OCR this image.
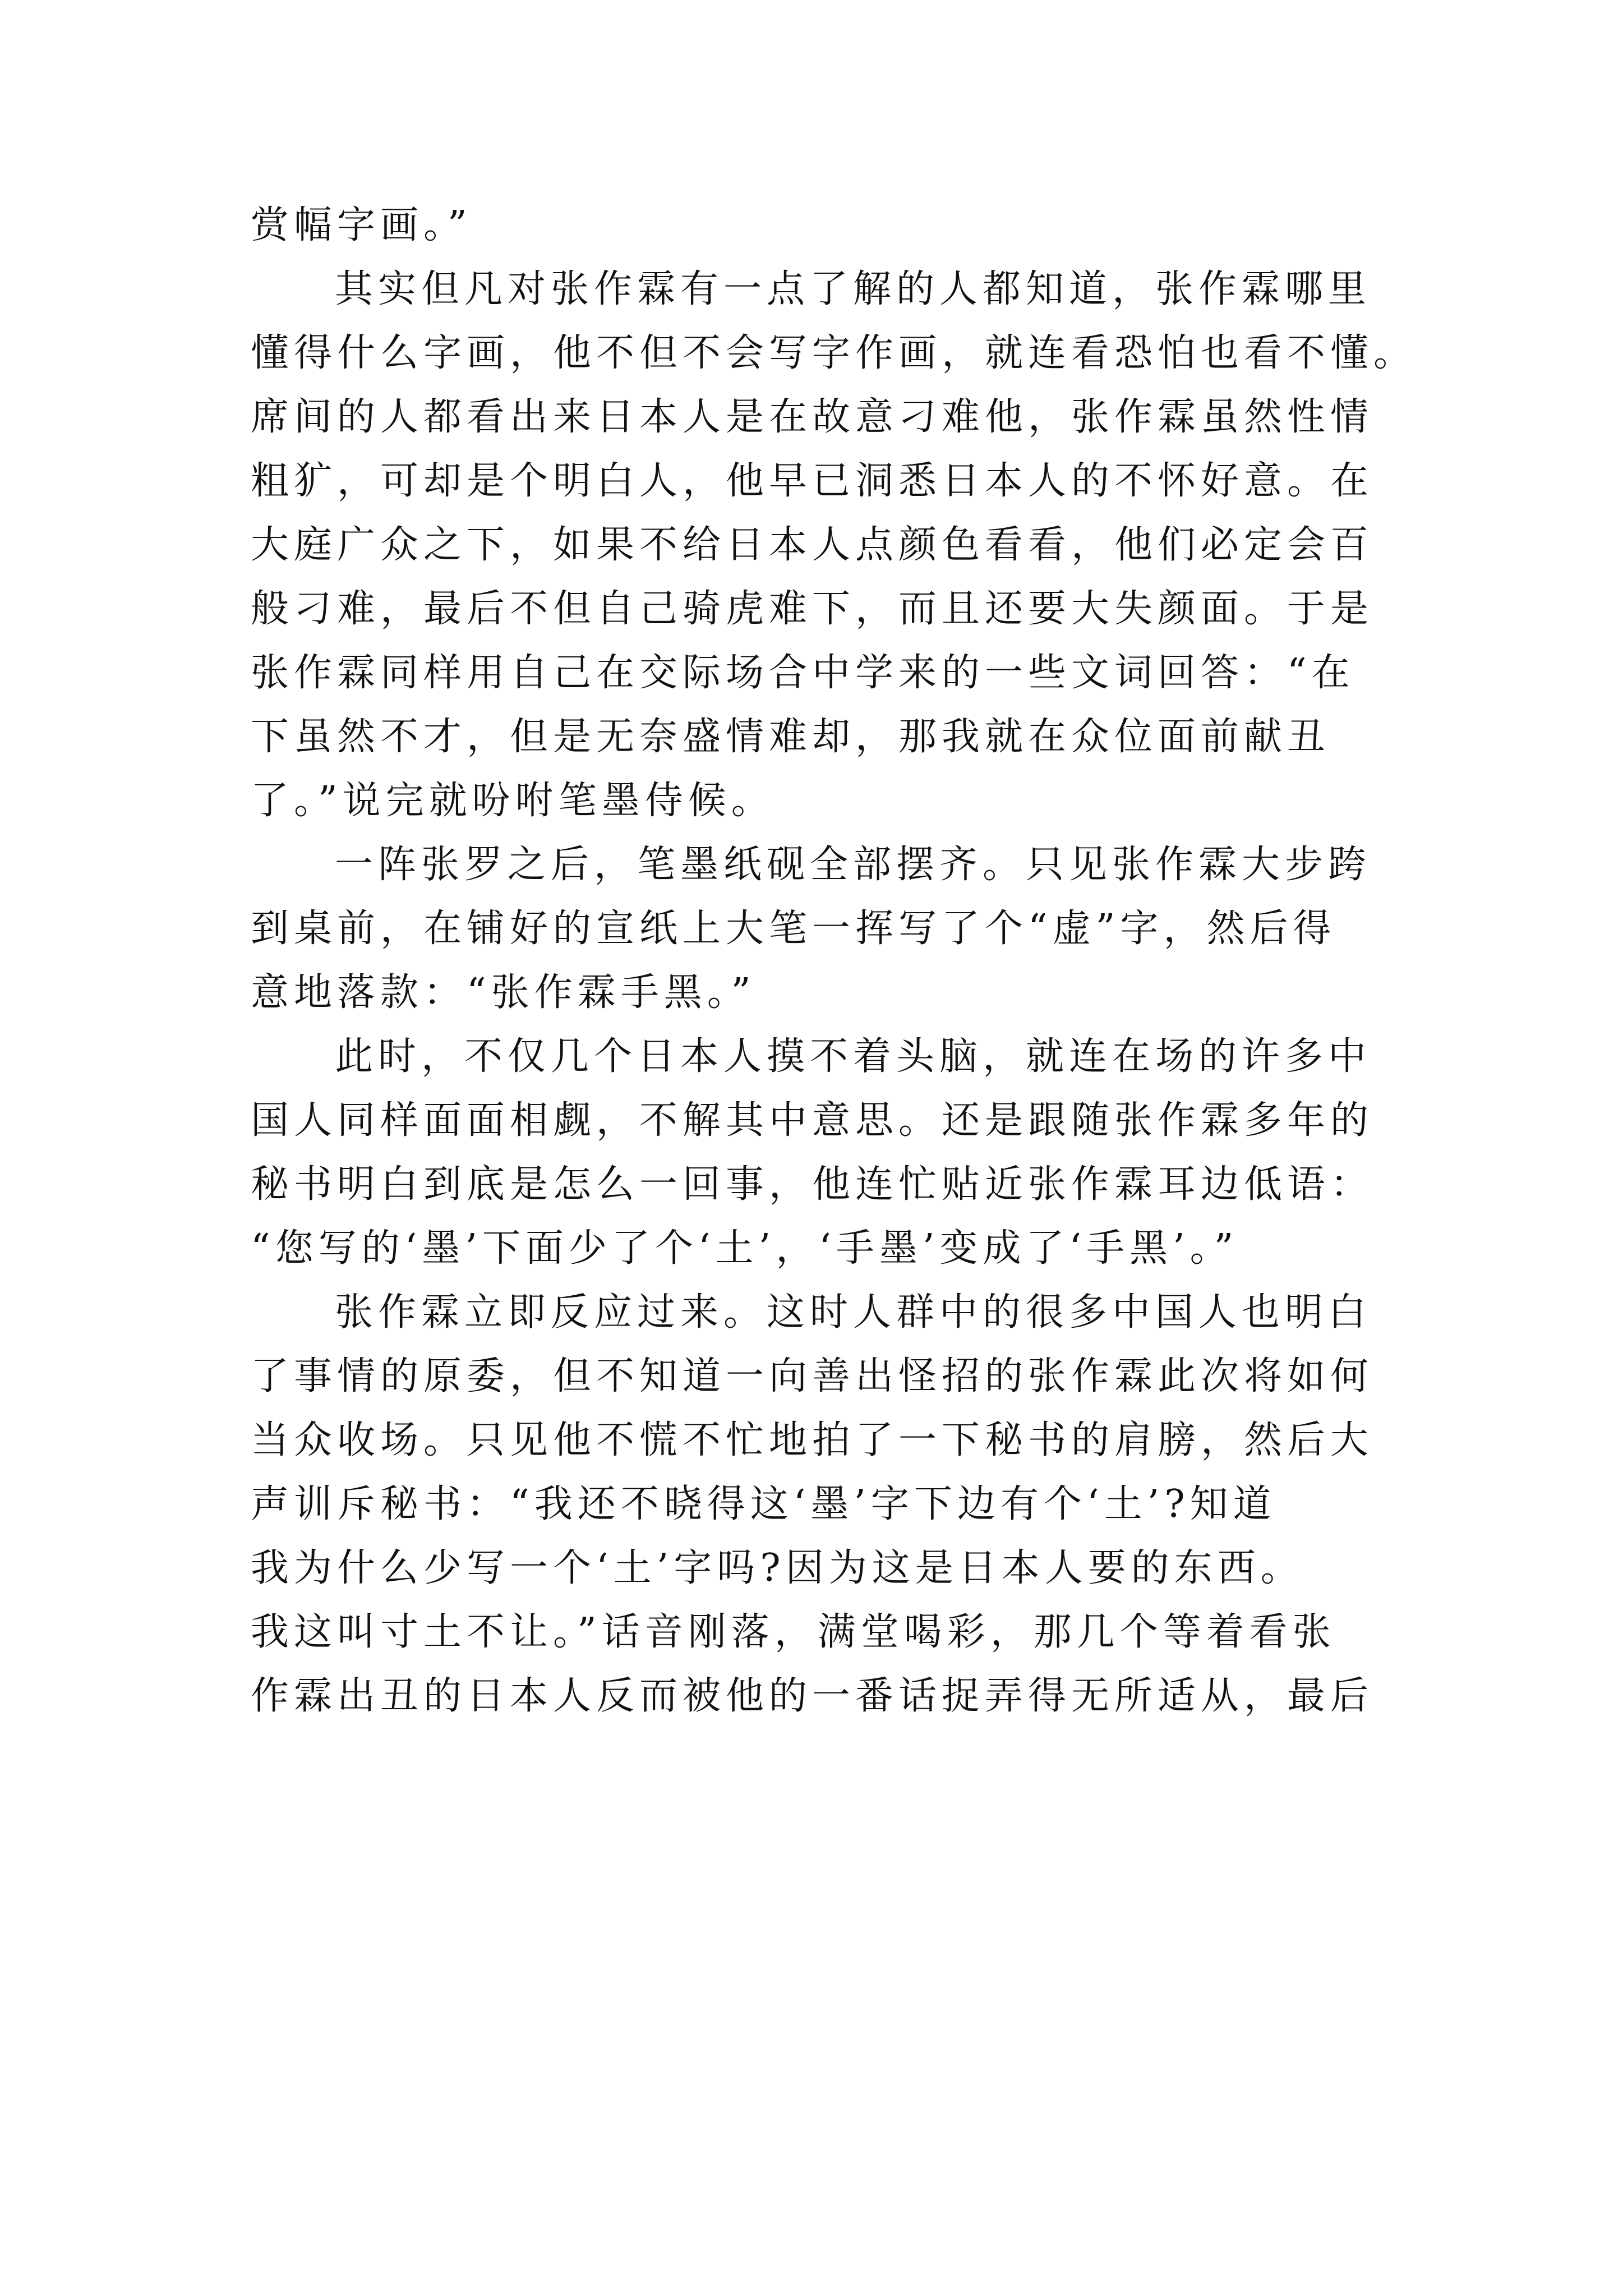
赏幅字画。”
其实但凡对张作霖有一点了解的人都知道，张作霖哪里
懂得什么字画，他不但不会写字作画，就连看恐怕也看不懂。
席间的人都看出来日本人是在故意刁难他，张作霖虽然性情
粗犷，可却是个明白人，他早已洞悉日本人的不怀好意。在
大庭广众之下，如果不给日本人点颜色看看，他们必定会百
般刁难，最后不但自己骑虎难下，而且还要大失颜面。于是
张作霖同样用自己在交际场合中学来的一些文词回答：“在
下虽然不才，但是无奈盛情难却，那我就在众位面前献丑
了。”说完就吩咐笔墨侍候。
一阵张罗之后，笔墨纸砚全部摆齐。只见张作霖大步跨
到桌前，在铺好的宣纸上大笔一挥写了个“虚”字，然后得
意地落款：“张作霖手黑。”
此时，不仅几个日本人摸不着头脑，就连在场的许多中
国人同样面面相觑，不解其中意思。还是跟随张作霖多年的
秘书明白到底是怎么一回事，他连忙贴近张作霖耳边低语：
“您写的‘墨’下面少了个‘土’，‘手墨’变成了‘手黑’。”
张作霖立即反应过来。这时人群中的很多中国人也明白
了事情的原委，但不知道一向善出怪招的张作霖此次将如何
当众收场。只见他不慌不忙地拍了一下秘书的肩膀，然后大
声训斥秘书：“我还不晓得这‘墨’字下边有个‘土’?知道
我为什么少写一个‘土’字吗?因为这是日本人要的东西。
我这叫寸土不让。”话音刚落，满堂喝彩，那几个等着看张
作霖出丑的日本人反而被他的一番话捉弄得无所适从，最后
